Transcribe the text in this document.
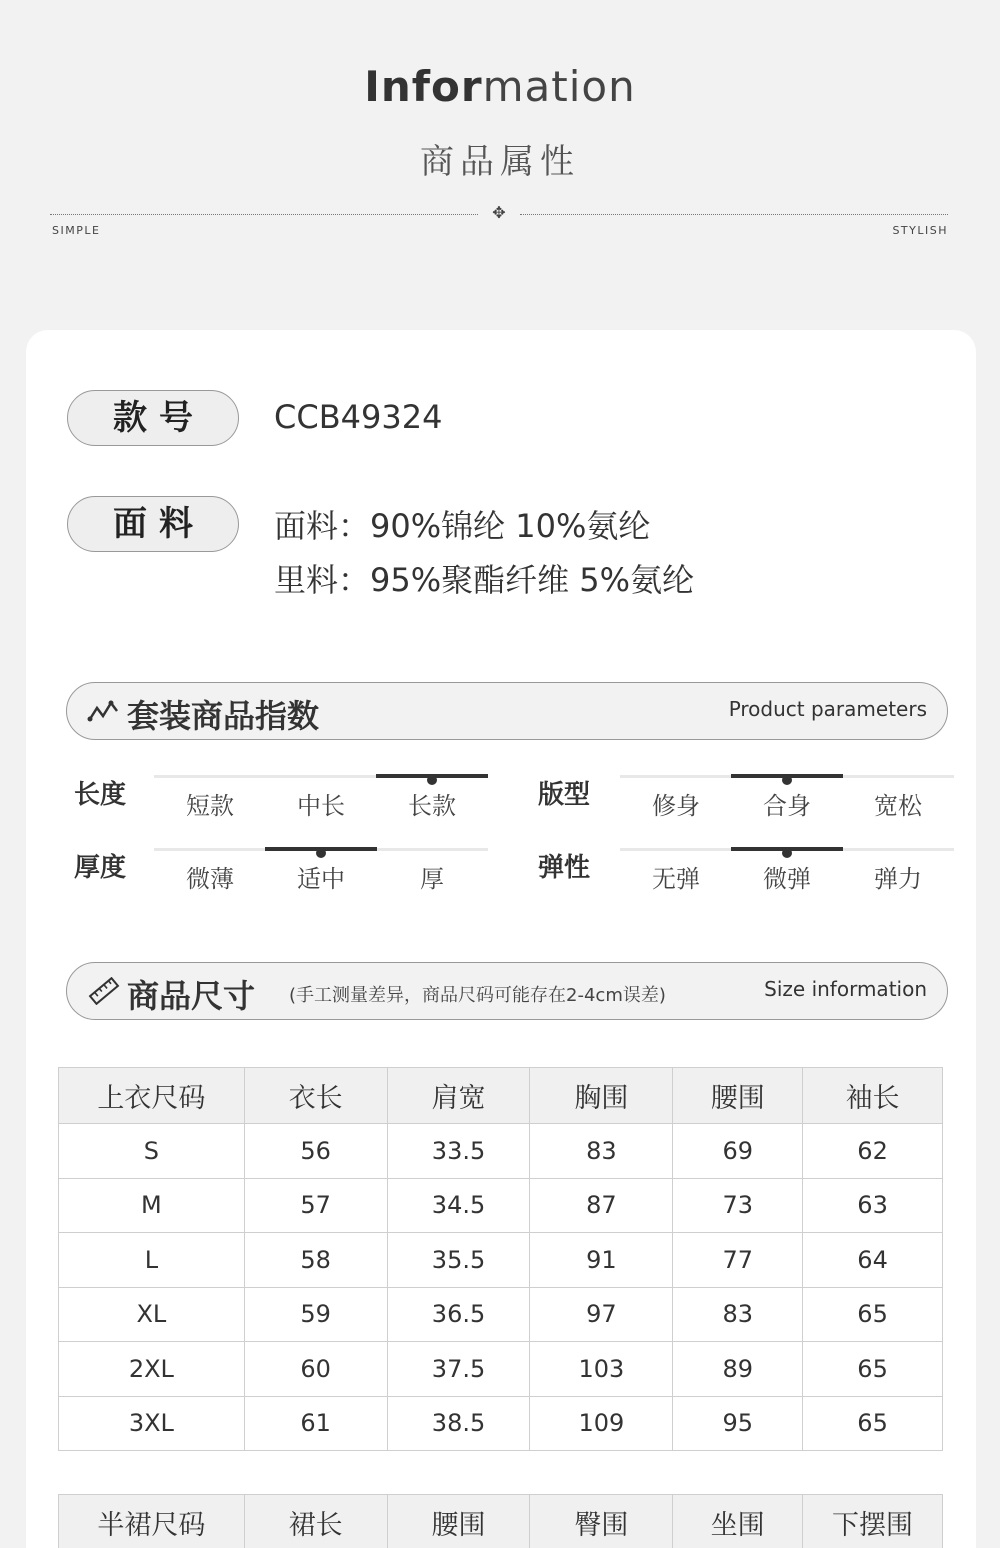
Information
商品属性
✥
SIMPLE	STYLISH
款号	CCB49324
面料	面料：90%锦纶 10%氨纶
里料：95%聚酯纤维 5%氨纶
套装商品指数	Product parameters
长度	短款	中长	长款	版型	修身	合身	宽松
厚度	微薄	适中	厚	弹性	无弹	微弹	弹力
商品尺寸 (手工测量差异，商品尺码可能存在2-4cm误差)	Size information
上衣尺码	衣长	肩宽	胸围	腰围	袖长
S	56	33.5	83	69	62
M	57	34.5	87	73	63
L	58	35.5	91	77	64
XL	59	36.5	97	83	65
2XL	60	37.5	103	89	65
3XL	61	38.5	109	95	65
半裙尺码	裙长	腰围	臀围	坐围	下摆围
